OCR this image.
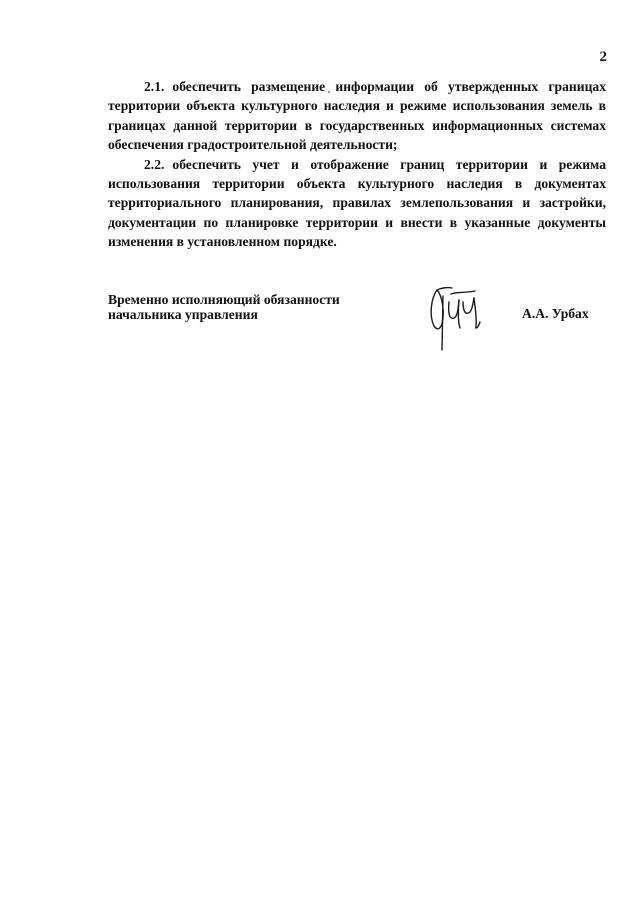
2

2.1. обеспечить размещение информации об утвержденных границах территории объекта культурного наследия и режиме использования земель в границах данной территории в государственных информационных системах обеспечения градостроительной деятельности;

2.2. обеспечить учет и отображение границ территории и режима использования территории объекта культурного наследия в документах территориального планирования, правилах землепользования и застройки, документации по планировке территории и внести в указанные документы изменения в установленном порядке.

Временно исполняющий обязанности
начальника управления	А.А. Урбах
